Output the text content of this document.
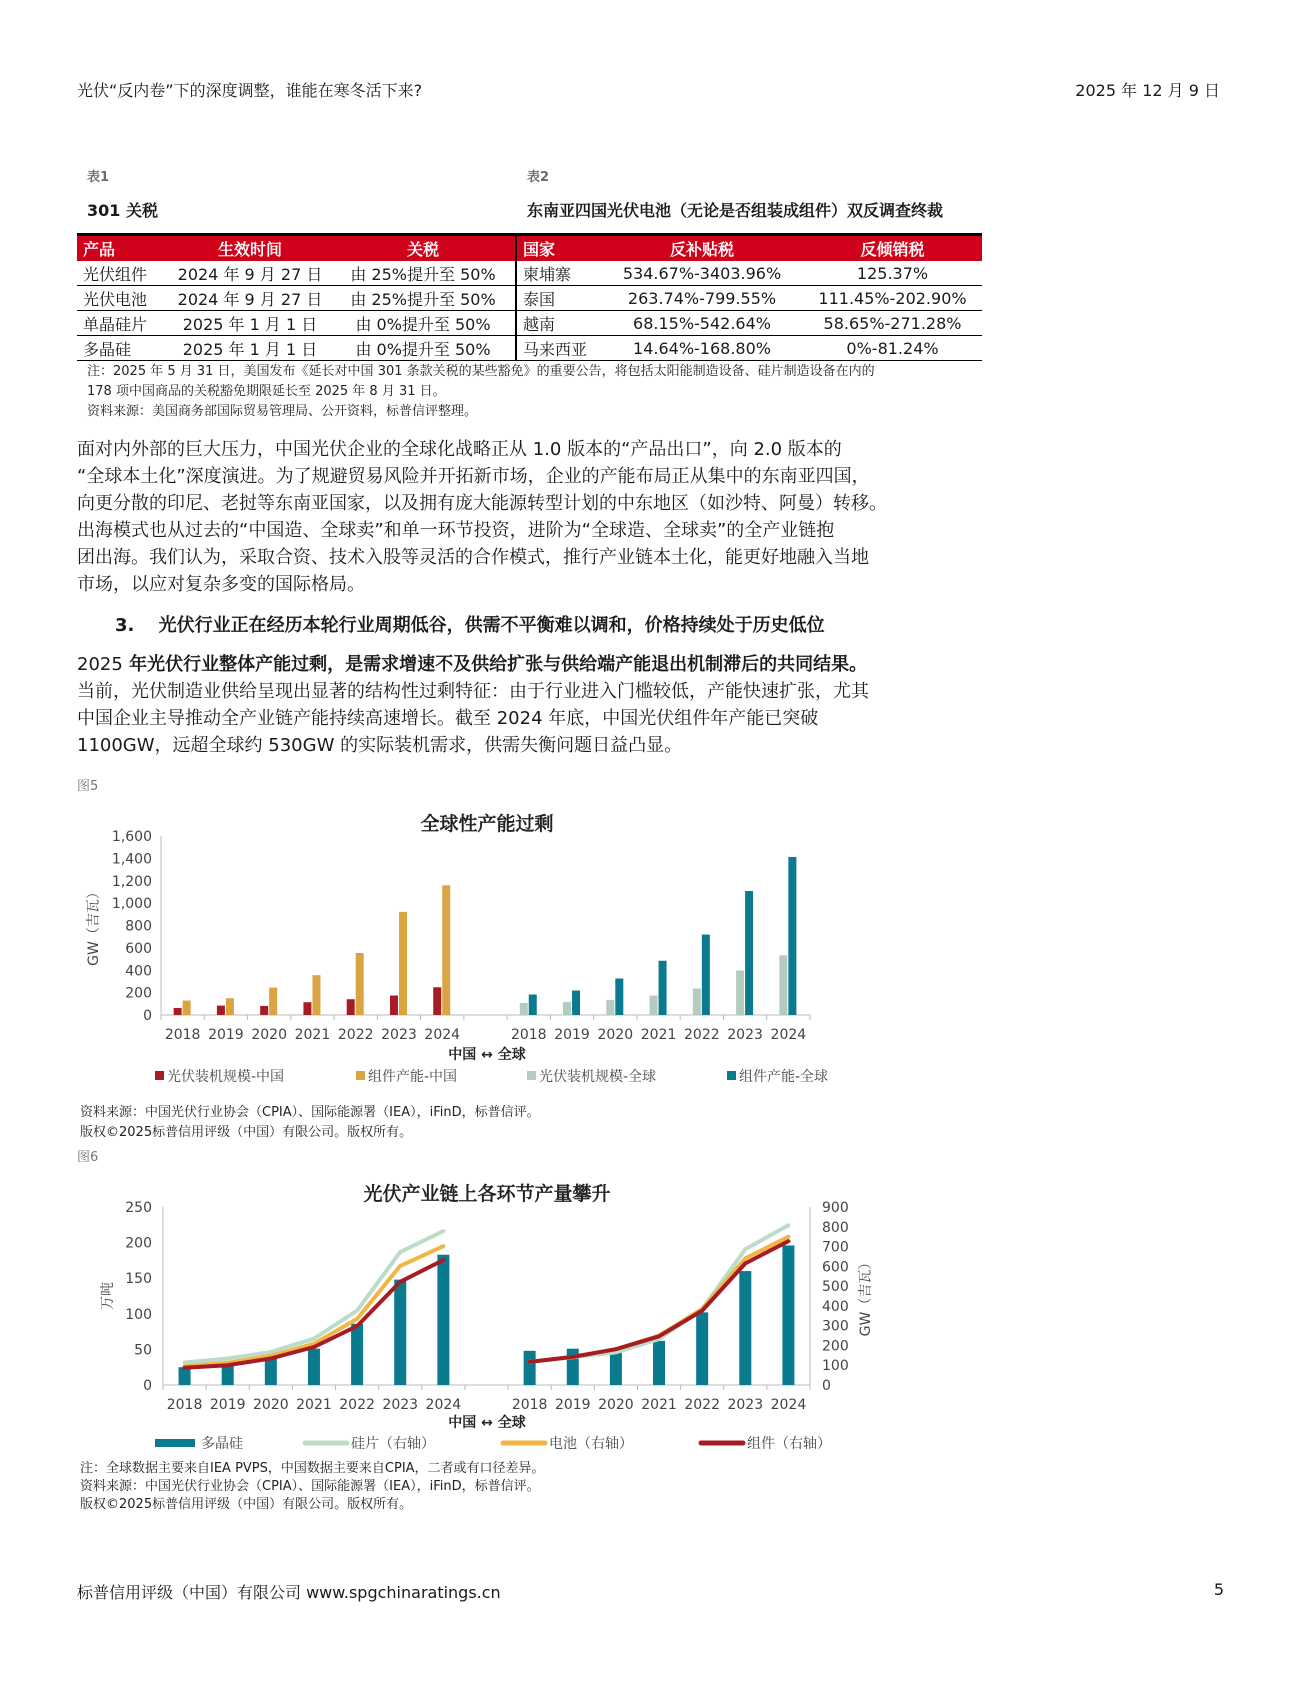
光伏“反内卷”下的深度调整，谁能在寒冬活下来?	2025 年 12 月 9 日
表1
301 关税
表2
东南亚四国光伏电池（无论是否组装成组件）双反调查终裁
产品	生效时间	关税
光伏组件	2024 年 9 月 27 日	由 25%提升至 50%
光伏电池	2024 年 9 月 27 日	由 25%提升至 50%
单晶硅片	2025 年 1 月 1 日	由 0%提升至 50%
多晶硅	2025 年 1 月 1 日	由 0%提升至 50%
国家	反补贴税	反倾销税
柬埔寨	534.67%-3403.96%	125.37%
泰国	263.74%-799.55%	111.45%-202.90%
越南	68.15%-542.64%	58.65%-271.28%
马来西亚	14.64%-168.80%	0%-81.24%
注：2025 年 5 月 31 日，美国发布《延长对中国 301 条款关税的某些豁免》的重要公告，将包括太阳能制造设备、硅片制造设备在内的
178 项中国商品的关税豁免期限延长至 2025 年 8 月 31 日。
资料来源：美国商务部国际贸易管理局、公开资料，标普信评整理。
面对内外部的巨大压力，中国光伏企业的全球化战略正从 1.0 版本的“产品出口”，向 2.0 版本的
“全球本土化”深度演进。为了规避贸易风险并开拓新市场，企业的产能布局正从集中的东南亚四国，
向更分散的印尼、老挝等东南亚国家，以及拥有庞大能源转型计划的中东地区（如沙特、阿曼）转移。
出海模式也从过去的“中国造、全球卖”和单一环节投资，进阶为“全球造、全球卖”的全产业链抱
团出海。我们认为，采取合资、技术入股等灵活的合作模式，推行产业链本土化，能更好地融入当地
市场，以应对复杂多变的国际格局。
3. 光伏行业正在经历本轮行业周期低谷，供需不平衡难以调和，价格持续处于历史低位
2025 年光伏行业整体产能过剩，是需求增速不及供给扩张与供给端产能退出机制滞后的共同结果。
当前，光伏制造业供给呈现出显著的结构性过剩特征：由于行业进入门槛较低，产能快速扩张，尤其
中国企业主导推动全产业链产能持续高速增长。截至 2024 年底，中国光伏组件年产能已突破
1100GW，远超全球约 530GW 的实际装机需求，供需失衡问题日益凸显。
图5
全球性产能过剩
0
200
400
600
800
1,000
1,200
1,400
1,600
GW（吉瓦）
2018	2018
2019	2019
2020	2020
2021	2021
2022	2022
2023	2023
2024	2024
中国 ↔ 全球
光伏装机规模-中国	组件产能-中国	光伏装机规模-全球	组件产能-全球
资料来源：中国光伏行业协会（CPIA）、国际能源署（IEA），iFinD，标普信评。
版权©2025标普信用评级（中国）有限公司。版权所有。
图6
光伏产业链上各环节产量攀升
0
50
100
150
200
250
0
100
200
300
400
500
600
700
800
900
万吨	GW（吉瓦）
2018	2018
2019	2019
2020	2020
2021	2021
2022	2022
2023	2023
2024	2024
中国 ↔ 全球
多晶硅	硅片（右轴）	电池（右轴）	组件（右轴）
注：全球数据主要来自IEA PVPS，中国数据主要来自CPIA，二者或有口径差异。
资料来源：中国光伏行业协会（CPIA）、国际能源署（IEA），iFinD，标普信评。
版权©2025标普信用评级（中国）有限公司。版权所有。
标普信用评级（中国）有限公司 www.spgchinaratings.cn	5
